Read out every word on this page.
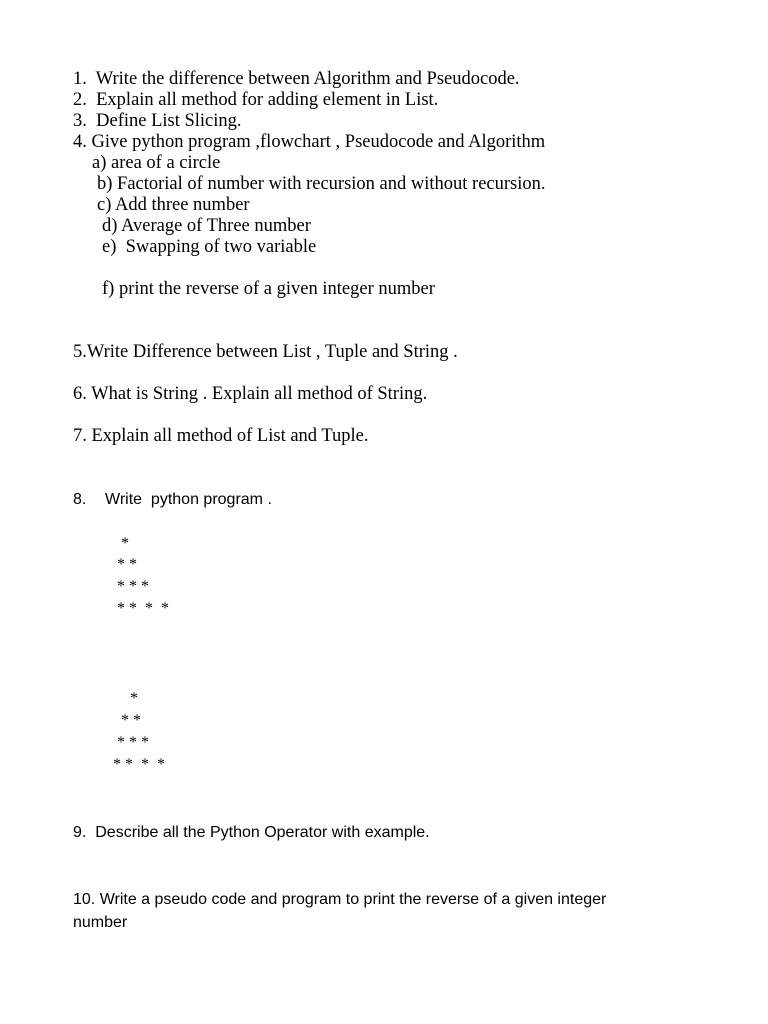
1.  Write the difference between Algorithm and Pseudocode.
2.  Explain all method for adding element in List.
3.  Define List Slicing.
4. Give python program ,flowchart , Pseudocode and Algorithm
a) area of a circle
b) Factorial of number with recursion and without recursion.
c) Add three number
d) Average of Three number
e)  Swapping of two variable
f) print the reverse of a given integer number
5.Write Difference between List , Tuple and String .
6. What is String . Explain all method of String.
7. Explain all method of List and Tuple.
8. Write  python program .
*
* *
* * *
* *  *  *
*
* *
* * *
* *  *  *
9.  Describe all the Python Operator with example.
10. Write a pseudo code and program to print the reverse of a given integer
number
